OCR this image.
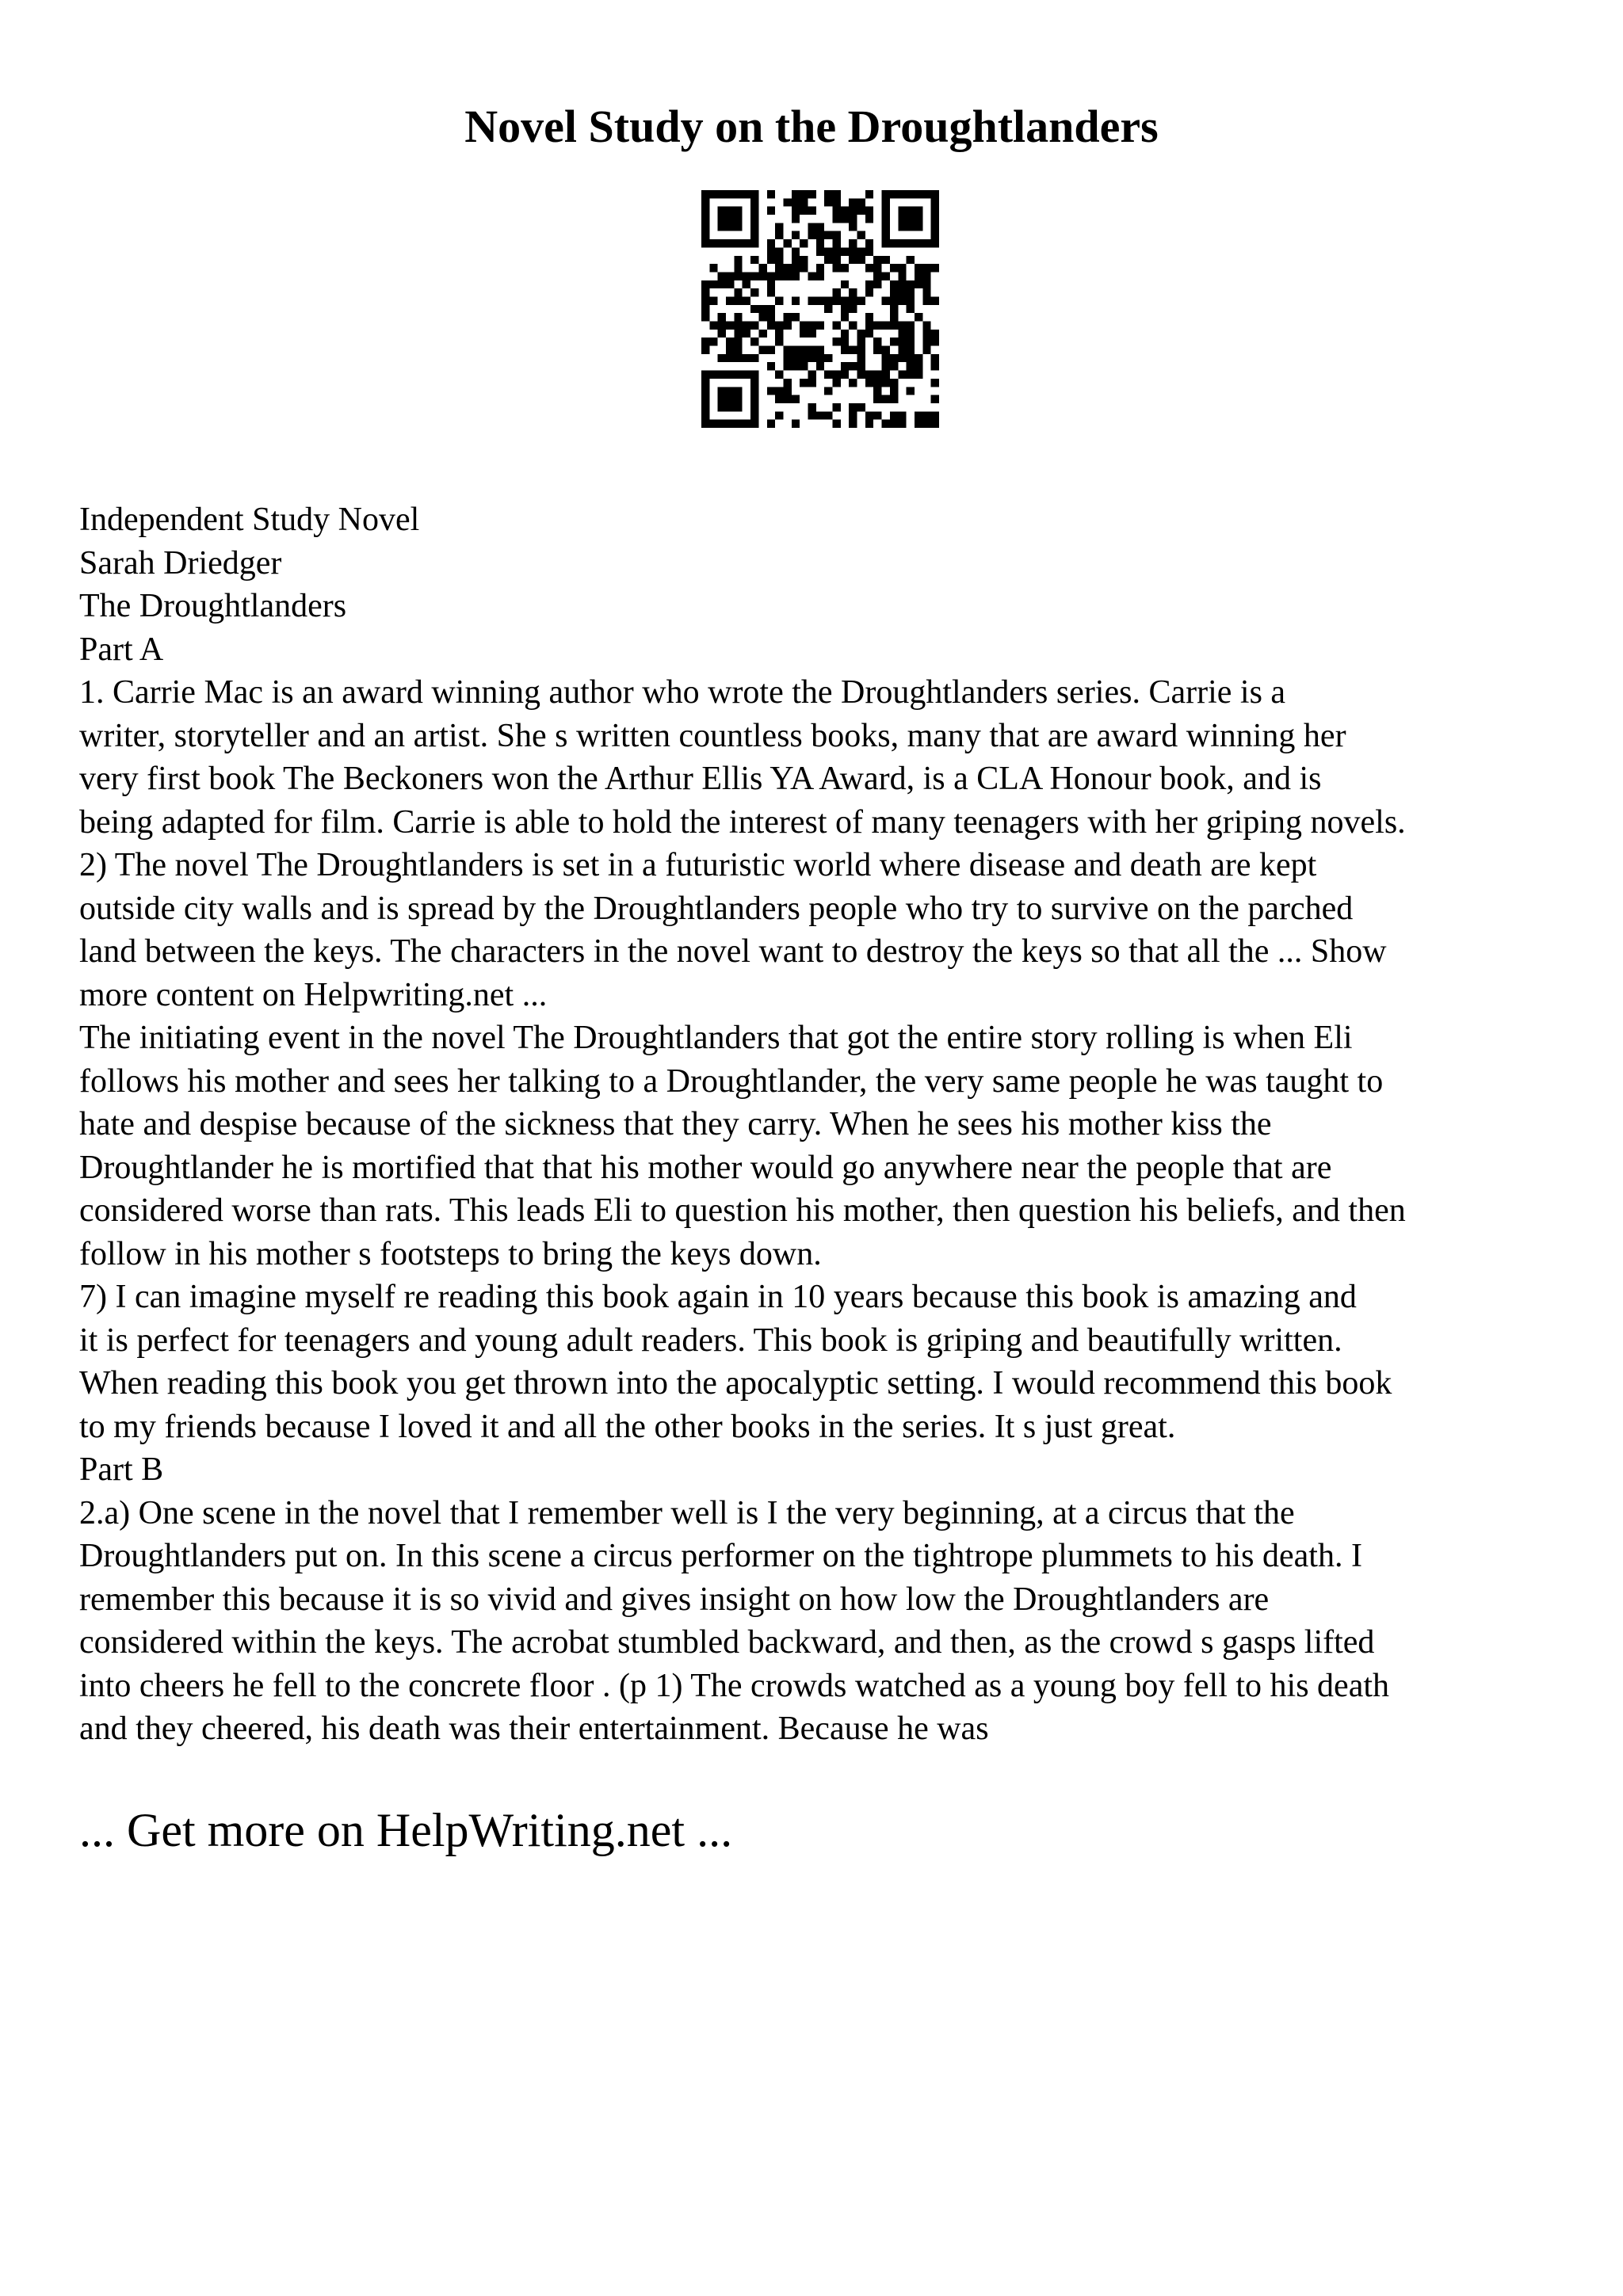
Novel Study on the Droughtlanders
Independent Study Novel
Sarah Driedger
The Droughtlanders
Part A
1. Carrie Mac is an award winning author who wrote the Droughtlanders series. Carrie is a
writer, storyteller and an artist. She s written countless books, many that are award winning her
very first book The Beckoners won the Arthur Ellis YA Award, is a CLA Honour book, and is
being adapted for film. Carrie is able to hold the interest of many teenagers with her griping novels.
2) The novel The Droughtlanders is set in a futuristic world where disease and death are kept
outside city walls and is spread by the Droughtlanders people who try to survive on the parched
land between the keys. The characters in the novel want to destroy the keys so that all the ... Show
more content on Helpwriting.net ...
The initiating event in the novel The Droughtlanders that got the entire story rolling is when Eli
follows his mother and sees her talking to a Droughtlander, the very same people he was taught to
hate and despise because of the sickness that they carry. When he sees his mother kiss the
Droughtlander he is mortified that that his mother would go anywhere near the people that are
considered worse than rats. This leads Eli to question his mother, then question his beliefs, and then
follow in his mother s footsteps to bring the keys down.
7) I can imagine myself re reading this book again in 10 years because this book is amazing and
it is perfect for teenagers and young adult readers. This book is griping and beautifully written.
When reading this book you get thrown into the apocalyptic setting. I would recommend this book
to my friends because I loved it and all the other books in the series. It s just great.
Part B
2.a) One scene in the novel that I remember well is I the very beginning, at a circus that the
Droughtlanders put on. In this scene a circus performer on the tightrope plummets to his death. I
remember this because it is so vivid and gives insight on how low the Droughtlanders are
considered within the keys. The acrobat stumbled backward, and then, as the crowd s gasps lifted
into cheers he fell to the concrete floor . (p 1) The crowds watched as a young boy fell to his death
and they cheered, his death was their entertainment. Because he was
... Get more on HelpWriting.net ...
